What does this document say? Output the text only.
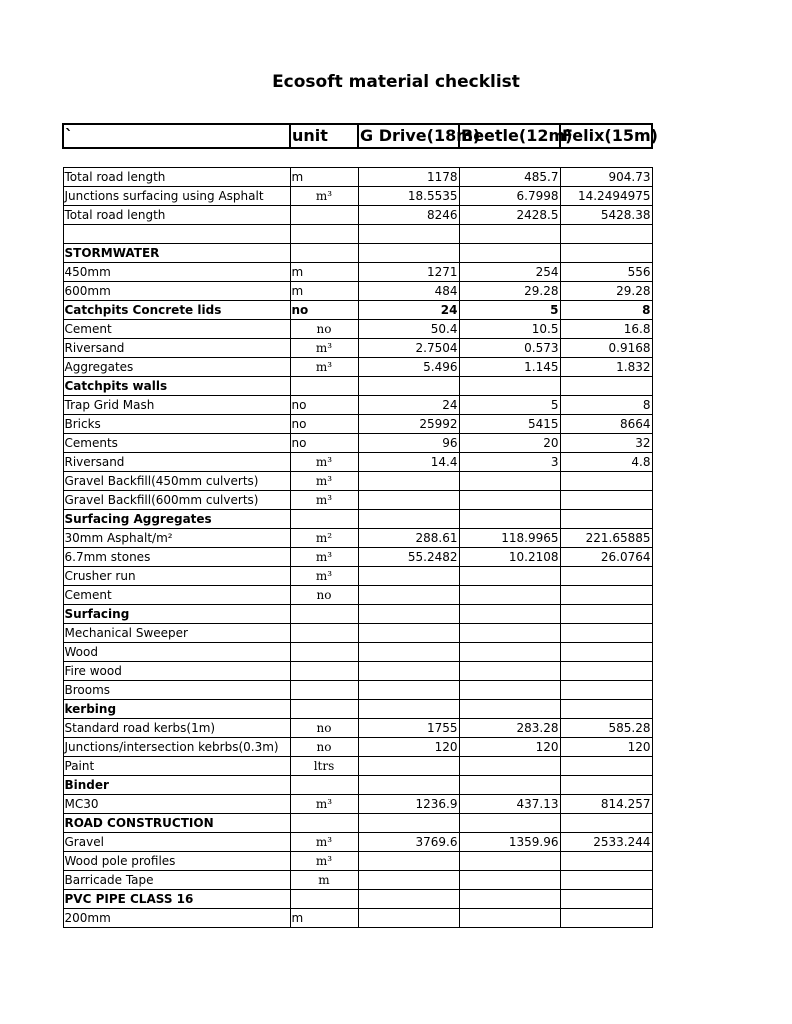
Ecosoft material checklist
`	unit	G Drive(18m)	Beetle(12m)	Felix(15m)

Total road length	m	1178	485.7	904.73
Junctions surfacing using Asphalt	m³	18.5535	6.7998	14.2494975
Total road length		8246	2428.5	5428.38

STORMWATER				
450mm	m	1271	254	556
600mm	m	484	29.28	29.28
Catchpits Concrete lids	no	24	5	8
Cement	no	50.4	10.5	16.8
Riversand	m³	2.7504	0.573	0.9168
Aggregates	m³	5.496	1.145	1.832
Catchpits walls				
Trap Grid Mash	no	24	5	8
Bricks	no	25992	5415	8664
Cements	no	96	20	32
Riversand	m³	14.4	3	4.8
Gravel Backfill(450mm culverts)	m³			
Gravel Backfill(600mm culverts)	m³			
Surfacing Aggregates				
30mm Asphalt/m²	m²	288.61	118.9965	221.65885
6.7mm stones	m³	55.2482	10.2108	26.0764
Crusher run	m³			
Cement	no			
Surfacing				
Mechanical Sweeper				
Wood				
Fire wood				
Brooms				
kerbing				
Standard road kerbs(1m)	no	1755	283.28	585.28
Junctions/intersection kebrbs(0.3m)	no	120	120	120
Paint	ltrs			
Binder				
MC30	m³	1236.9	437.13	814.257
ROAD CONSTRUCTION				
Gravel	m³	3769.6	1359.96	2533.244
Wood pole profiles	m³			
Barricade Tape	m			
PVC PIPE CLASS 16				
200mm	m			
